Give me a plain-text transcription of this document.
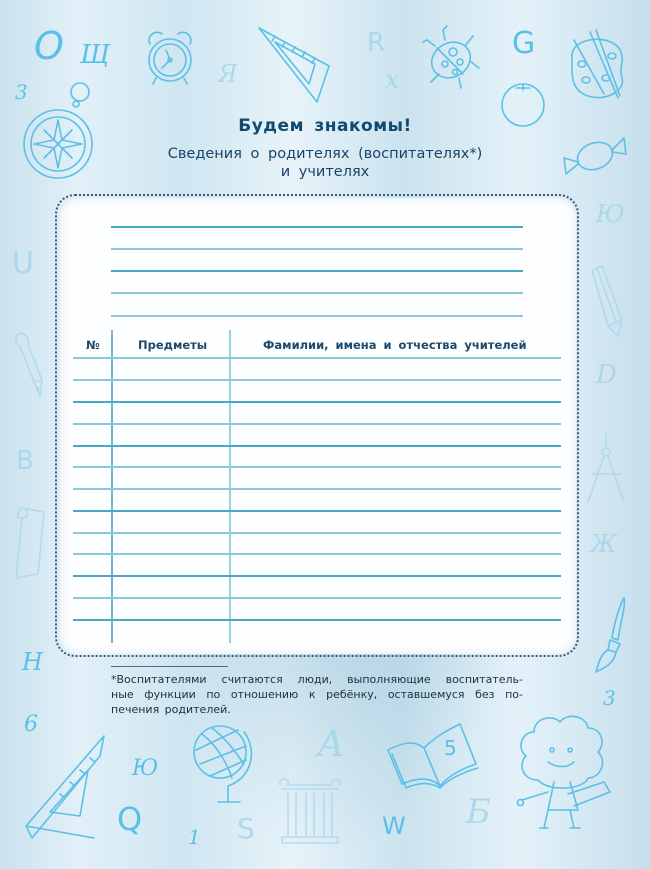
O Щ
3
Я
R
x
G
U
Ю
D
B
Ж
Н
6
Ю
Q 1 S
A
W Б
3
5
Будем знакомы!
Сведения о родителях (воспитателях*)
и учителях
№	Предметы	Фамилии, имена и отчества учителей
*Воспитателями считаются люди, выполняющие воспитатель-
ные функции по отношению к ребёнку, оставшемуся без по-
печения родителей.
